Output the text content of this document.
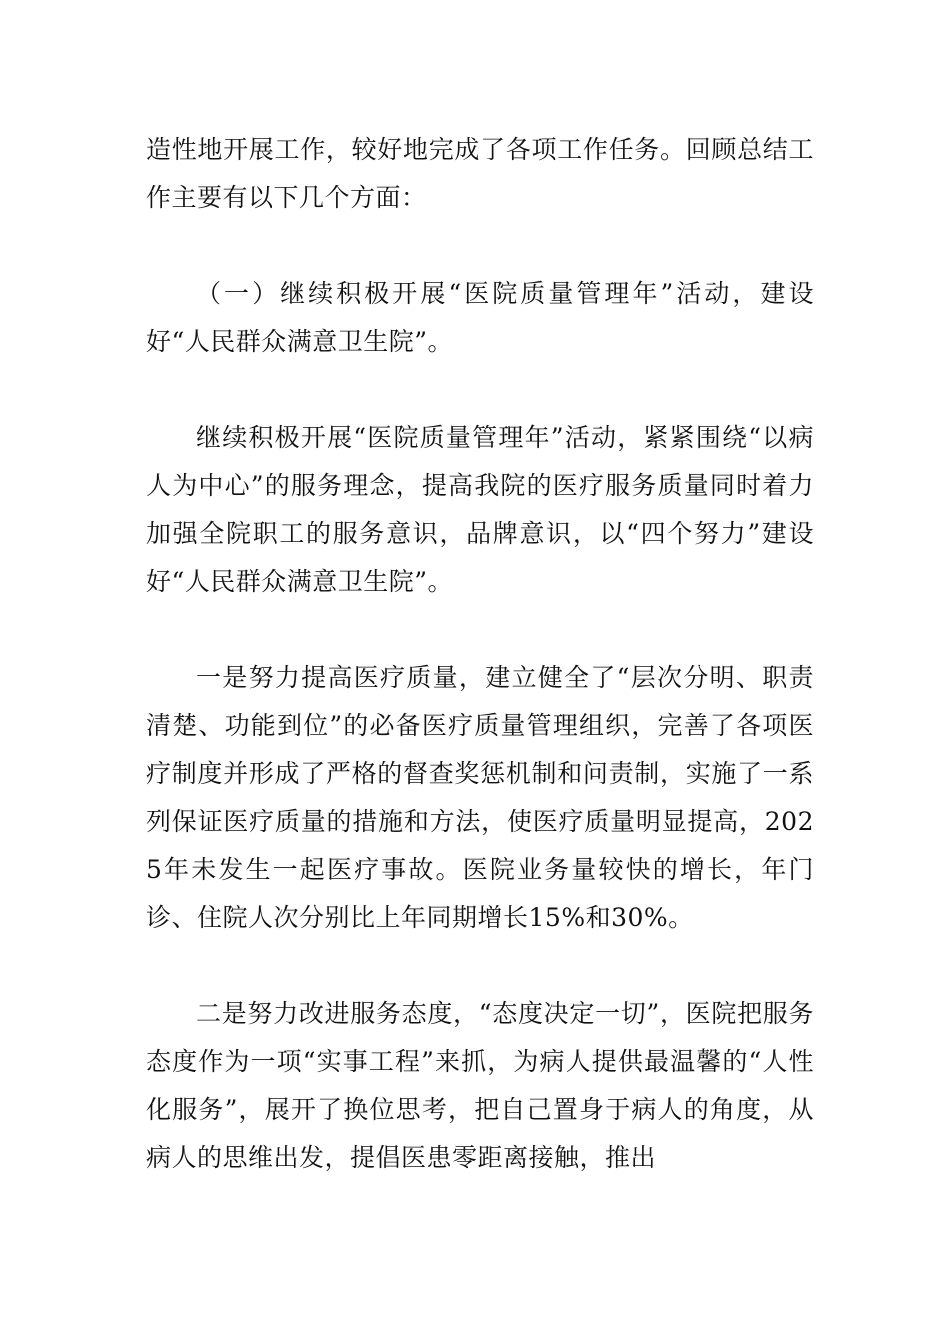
造性地开展工作，较好地完成了各项工作任务。回顾总结工作主要有以下几个方面：

（一）继续积极开展“医院质量管理年”活动，建设好“人民群众满意卫生院”。

继续积极开展“医院质量管理年”活动，紧紧围绕“以病人为中心”的服务理念，提高我院的医疗服务质量同时着力加强全院职工的服务意识，品牌意识，以“四个努力”建设好“人民群众满意卫生院”。

一是努力提高医疗质量，建立健全了“层次分明、职责清楚、功能到位”的必备医疗质量管理组织，完善了各项医疗制度并形成了严格的督查奖惩机制和问责制，实施了一系列保证医疗质量的措施和方法，使医疗质量明显提高，2025年未发生一起医疗事故。医院业务量较快的增长，年门诊、住院人次分别比上年同期增长15%和30%。

二是努力改进服务态度，“态度决定一切”，医院把服务态度作为一项“实事工程”来抓，为病人提供最温馨的“人性化服务”，展开了换位思考，把自己置身于病人的角度，从病人的思维出发，提倡医患零距离接触，推出
